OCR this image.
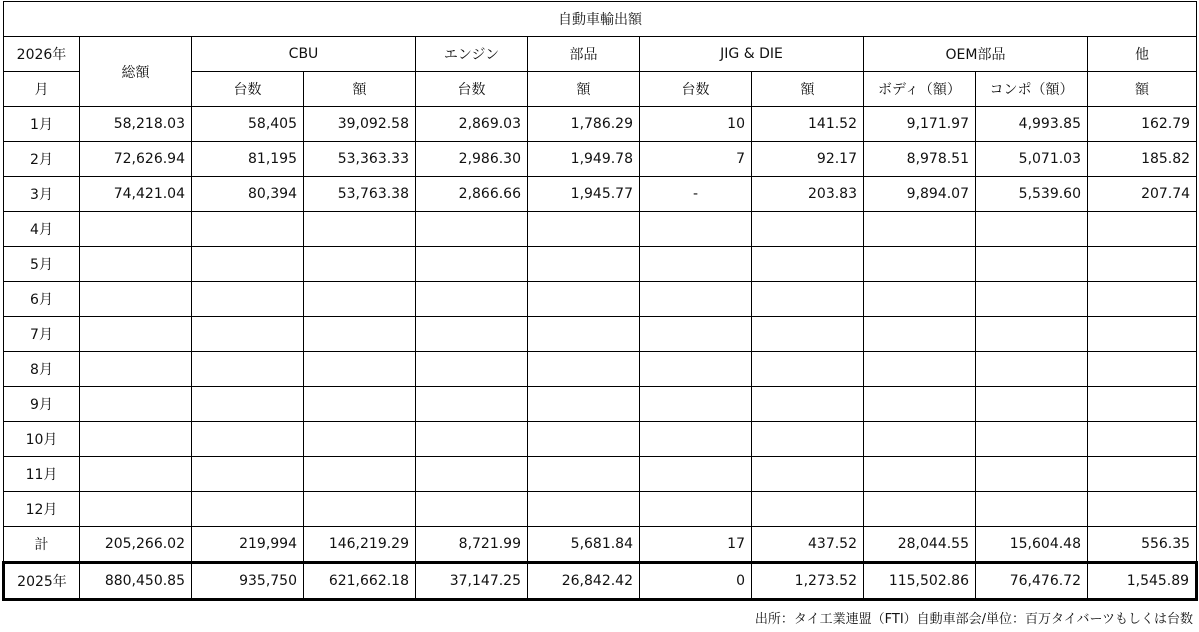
自動車輸出額										
2026年	総額	CBU		エンジン	部品	JIG & DIE		OEM部品		他
月		台数	額	台数	額	台数	額	ボディ（額）	コンポ（額）	額
1月	58,218.03	58,405	39,092.58	2,869.03	1,786.29	10	141.52	9,171.97	4,993.85	162.79
2月	72,626.94	81,195	53,363.33	2,986.30	1,949.78	7	92.17	8,978.51	5,071.03	185.82
3月	74,421.04	80,394	53,763.38	2,866.66	1,945.77	-	203.83	9,894.07	5,539.60	207.74
4月										
5月										
6月										
7月										
8月										
9月										
10月										
11月										
12月										
計	205,266.02	219,994	146,219.29	8,721.99	5,681.84	17	437.52	28,044.55	15,604.48	556.35
2025年	880,450.85	935,750	621,662.18	37,147.25	26,842.42	0	1,273.52	115,502.86	76,476.72	1,545.89
出所：タイ工業連盟（FTI）自動車部会/単位：百万タイバーツもしくは台数
